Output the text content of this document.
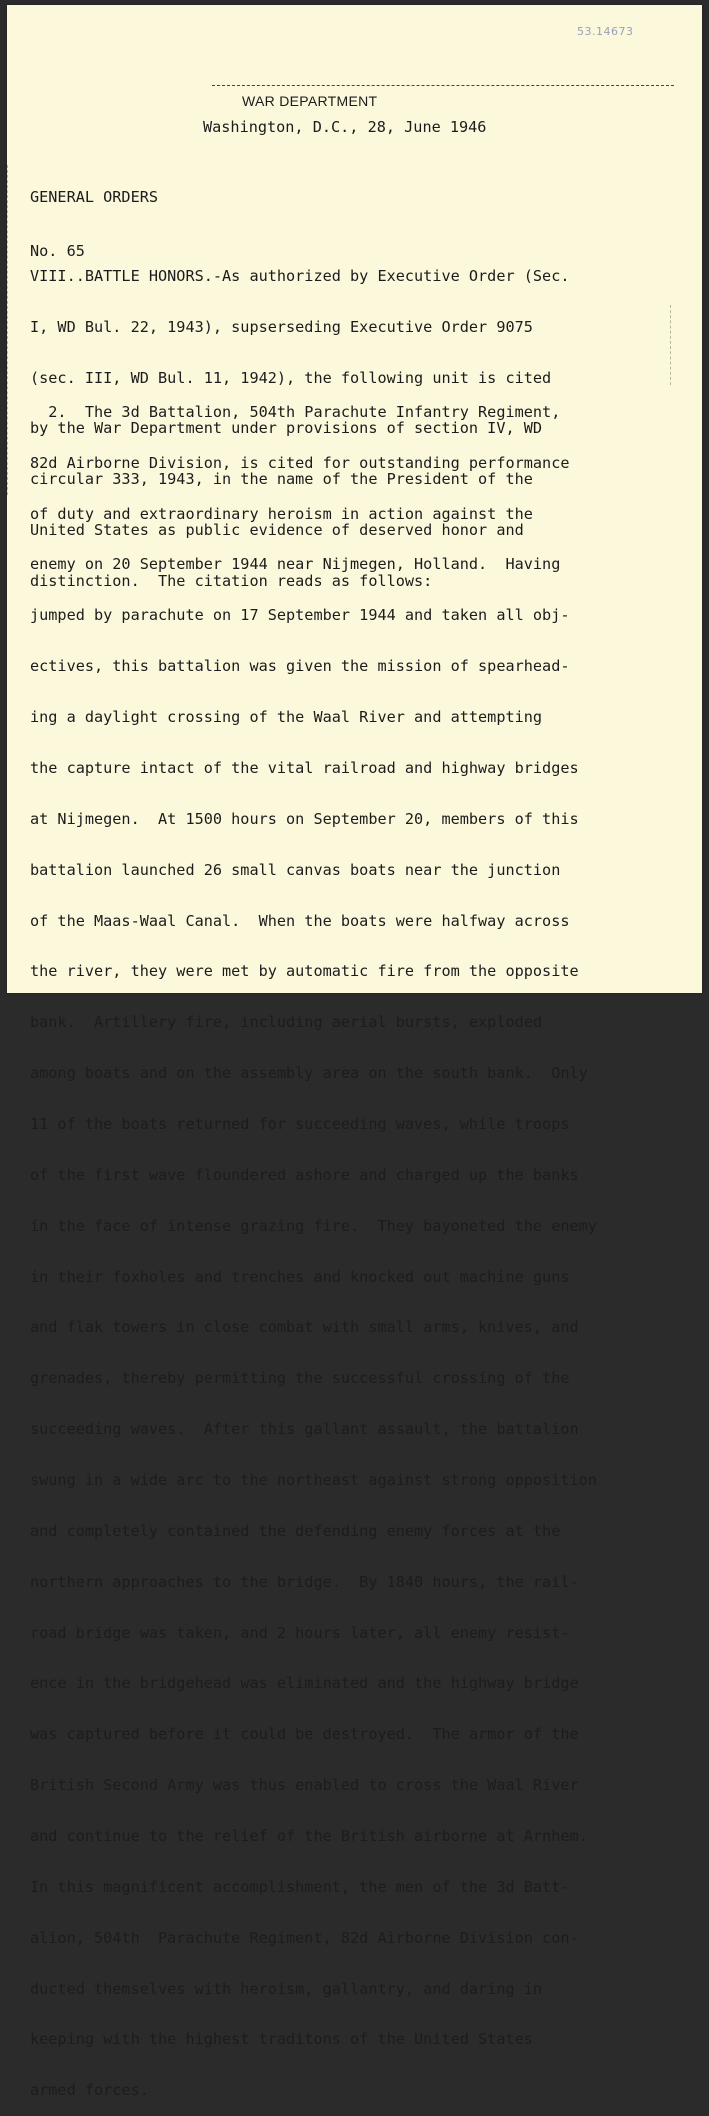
53.14673
WAR DEPARTMENT
Washington, D.C., 28, June 1946

GENERAL ORDERS

No. 65

VIII..BATTLE HONORS.-As authorized by Executive Order (Sec.

I, WD Bul. 22, 1943), supserseding Executive Order 9075

(sec. III, WD Bul. 11, 1942), the following unit is cited

by the War Department under provisions of section IV, WD

circular 333, 1943, in the name of the President of the

United States as public evidence of deserved honor and

distinction.  The citation reads as follows:

2.  The 3d Battalion, 504th Parachute Infantry Regiment,

82d Airborne Division, is cited for outstanding performance

of duty and extraordinary heroism in action against the

enemy on 20 September 1944 near Nijmegen, Holland.  Having

jumped by parachute on 17 September 1944 and taken all obj-

ectives, this battalion was given the mission of spearhead-

ing a daylight crossing of the Waal River and attempting

the capture intact of the vital railroad and highway bridges

at Nijmegen.  At 1500 hours on September 20, members of this

battalion launched 26 small canvas boats near the junction

of the Maas-Waal Canal.  When the boats were halfway across

the river, they were met by automatic fire from the opposite

bank.  Artillery fire, including aerial bursts, exploded

among boats and on the assembly area on the south bank.  Only

11 of the boats returned for succeeding waves, while troops

of the first wave floundered ashore and charged up the banks

in the face of intense grazing fire.  They bayoneted the enemy

in their foxholes and trenches and knocked out machine guns

and flak towers in close combat with small arms, knives, and

grenades, thereby permitting the successful crossing of the

succeeding waves.  After this gallant assault, the battalion

swung in a wide arc to the northeast against strong opposition

and completely contained the defending enemy forces at the

northern approaches to the bridge.  By 1840 hours, the rail-

road bridge was taken, and 2 hours later, all enemy resist-

ence in the bridgehead was eliminated and the highway bridge

was captured before it could be destroyed.  The armor of the

British Second Army was thus enabled to cross the Waal River

and continue to the relief of the British airborne at Arnhem.

In this magnificent accomplishment, the men of the 3d Batt-

alion, 504th  Parachute Regiment, 82d Airborne Division con-

ducted themselves with heroism, gallantry, and daring in

keeping with the highest traditons of the United States

armed forces.
